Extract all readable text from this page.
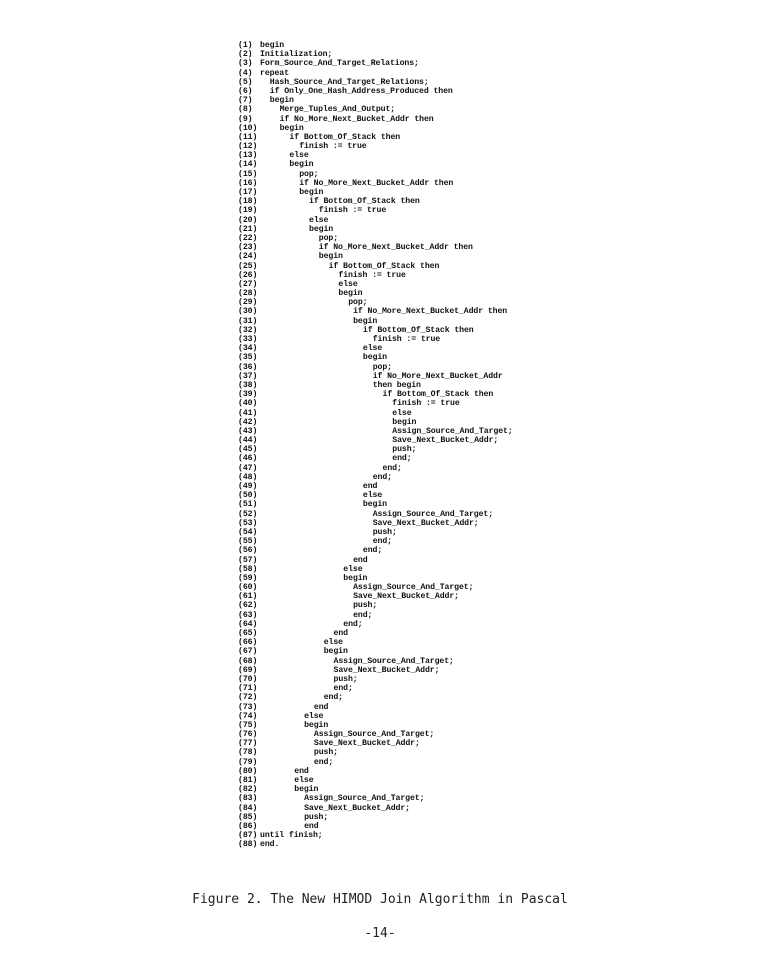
(1) begin
(2) Initialization;
(3) Form_Source_And_Target_Relations;
(4) repeat
(5) Hash_Source_And_Target_Relations;
(6) if Only_One_Hash_Address_Produced then
(7) begin
(8)	Merge_Tuples_And_Output;
(9)	if No_More_Next_Bucket_Addr then
(10)	begin
(11)	if Bottom_Of_Stack then
(12)	finish := true
(13)	else
(14)	begin
(15)	pop;
(16)	if No_More_Next_Bucket_Addr then
(17)	begin
(18)	if Bottom_Of_Stack then
(19)	finish := true
(20)	else
(21)	begin
(22)	pop;
(23)	if No_More_Next_Bucket_Addr then
(24)	begin
(25)	if Bottom_Of_Stack then
(26)	finish := true
(27)	else
(28)	begin
(29)	pop;
(30)	if No_More_Next_Bucket_Addr then
(31)	begin
(32)	if Bottom_Of_Stack then
(33)	finish := true
(34)	else
(35)	begin
(36)	pop;
(37)	if No_More_Next_Bucket_Addr
(38)	then begin
(39)	if Bottom_Of_Stack then
(40)	finish := true
(41)	else
(42)	begin
(43)	Assign_Source_And_Target;
(44)	Save_Next_Bucket_Addr;
(45)	push;
(46)	end;
(47)	end;
(48)	end;
(49)	end
(50)	else
(51)	begin
(52)	Assign_Source_And_Target;
(53)	Save_Next_Bucket_Addr;
(54)	push;
(55)	end;
(56)	end;
(57)	end
(58)	else
(59)	begin
(60)	Assign_Source_And_Target;
(61)	Save_Next_Bucket_Addr;
(62)	push;
(63)	end;
(64)	end;
(65)	end
(66)	else
(67)	begin
(68)	Assign_Source_And_Target;
(69)	Save_Next_Bucket_Addr;
(70)	push;
(71)	end;
(72)	end;
(73)	end
(74)	else
(75)	begin
(76)	Assign_Source_And_Target;
(77)	Save_Next_Bucket_Addr;
(78)	push;
(79)	end;
(80)	end
(81)	else
(82)	begin
(83)	Assign_Source_And_Target;
(84)	Save_Next_Bucket_Addr;
(85)	push;
(86)	end
(87) until finish;
(88) end.
Figure 2. The New HIMOD Join Algorithm in Pascal
-14-
